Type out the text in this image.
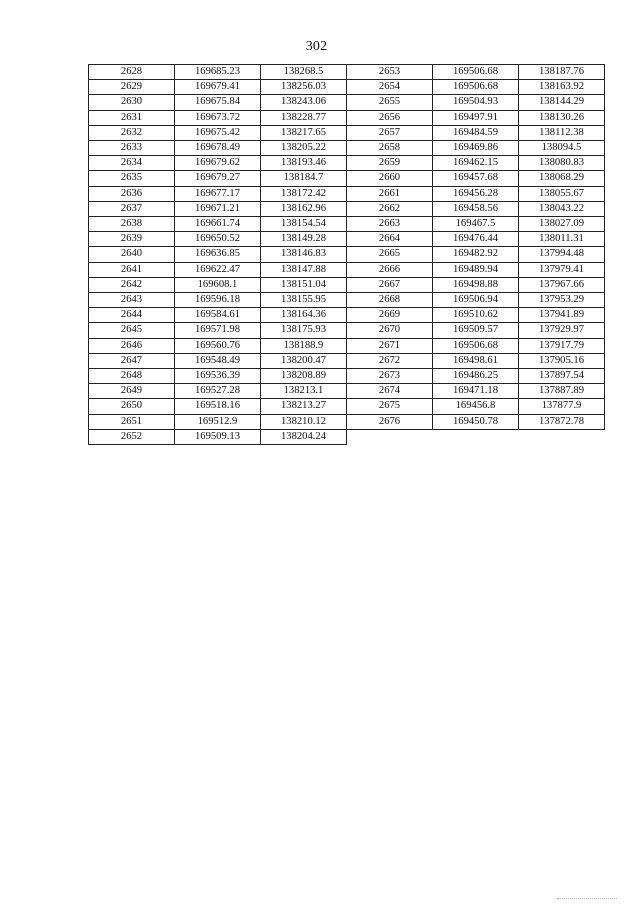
302
2628	169685.23	138268.5	2653	169506.68	138187.76
2629	169679.41	138256.03	2654	169506.68	138163.92
2630	169675.84	138243.06	2655	169504.93	138144.29
2631	169673.72	138228.77	2656	169497.91	138130.26
2632	169675.42	138217.65	2657	169484.59	138112.38
2633	169678.49	138205.22	2658	169469.86	138094.5
2634	169679.62	138193.46	2659	169462.15	138080.83
2635	169679.27	138184.7	2660	169457.68	138068.29
2636	169677.17	138172.42	2661	169456.28	138055.67
2637	169671.21	138162.96	2662	169458.56	138043.22
2638	169661.74	138154.54	2663	169467.5	138027.09
2639	169650.52	138149.28	2664	169476.44	138011.31
2640	169636.85	138146.83	2665	169482.92	137994.48
2641	169622.47	138147.88	2666	169489.94	137979.41
2642	169608.1	138151.04	2667	169498.88	137967.66
2643	169596.18	138155.95	2668	169506.94	137953.29
2644	169584.61	138164.36	2669	169510.62	137941.89
2645	169571.98	138175.93	2670	169509.57	137929.97
2646	169560.76	138188.9	2671	169506.68	137917.79
2647	169548.49	138200.47	2672	169498.61	137905.16
2648	169536.39	138208.89	2673	169486.25	137897.54
2649	169527.28	138213.1	2674	169471.18	137887.89
2650	169518.16	138213.27	2675	169456.8	137877.9
2651	169512.9	138210.12	2676	169450.78	137872.78
2652	169509.13	138204.24			
